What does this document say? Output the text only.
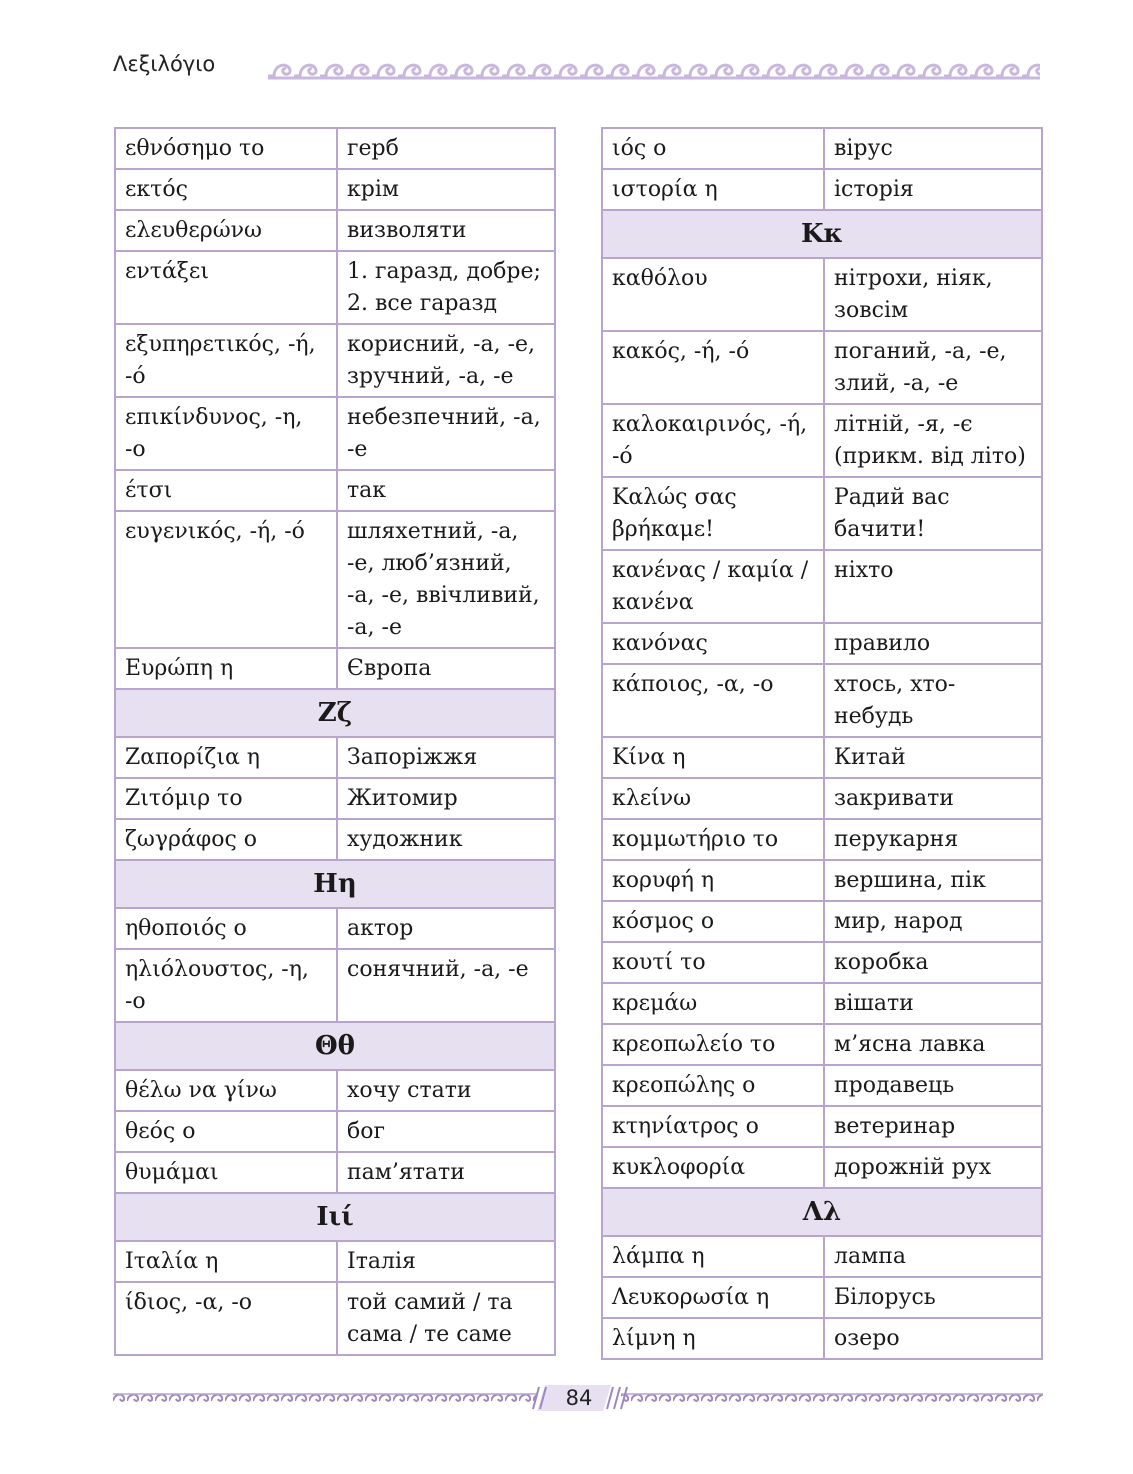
Λεξιλόγιο
εθνόσημο το	герб
εκτός	крім
ελευθερώνω	визволяти
εντάξει	1. гаразд, добре; 2. все гаразд
εξυπηρετικός, -ή, -ό	корисний, -а, -е, зручний, -а, -е
επικίνδυνος, -η, -ο	небезпечний, -а, -е
έτσι	так
ευγενικός, -ή, -ό	шляхетний, -а, -е, люб’язний, -а, -е, ввічливий, -а, -е
Ευρώπη η	Європа
Ζζ	
Ζαπορίζια η	Запоріжжя
Ζιτόμιρ το	Житомир
ζωγράφος ο	художник
Ηη	
ηθοποιός ο	актор
ηλιόλουστος, -η, -ο	сонячний, -а, -е
Θθ	
θέλω να γίνω	хочу стати
θεός ο	бог
θυμάμαι	пам’ятати
Ιιί	
Ιταλία η	Італія
ίδιος, -α, -ο	той самий / та сама / те саме
ιός ο	вірус
ιστορία η	історія
Κκ	
καθόλου	нітрохи, ніяк, зовсім
κακός, -ή, -ό	поганий, -а, -е, злий, -а, -е
καλοκαιρινός, -ή, -ό	літній, -я, -є (прикм. від літо)
Καλώς σας βρήκαμε!	Радий вас бачити!
κανένας / καμία / κανένα	ніхто
κανόνας	правило
κάποιος, -α, -ο	хтось, хто-небудь
Κίνα η	Китай
κλείνω	закривати
κομμωτήριο το	перукарня
κορυφή η	вершина, пік
κόσμος ο	мир, народ
κουτί το	коробка
κρεμάω	вішати
κρεοπωλείο το	м’ясна лавка
κρεοπώλης ο	продавець
κτηνίατρος ο	ветеринар
κυκλοφορία	дорожній рух
Λλ	
λάμπα η	лампа
Λευκορωσία η	Білорусь
λίμνη η	озеро
84
